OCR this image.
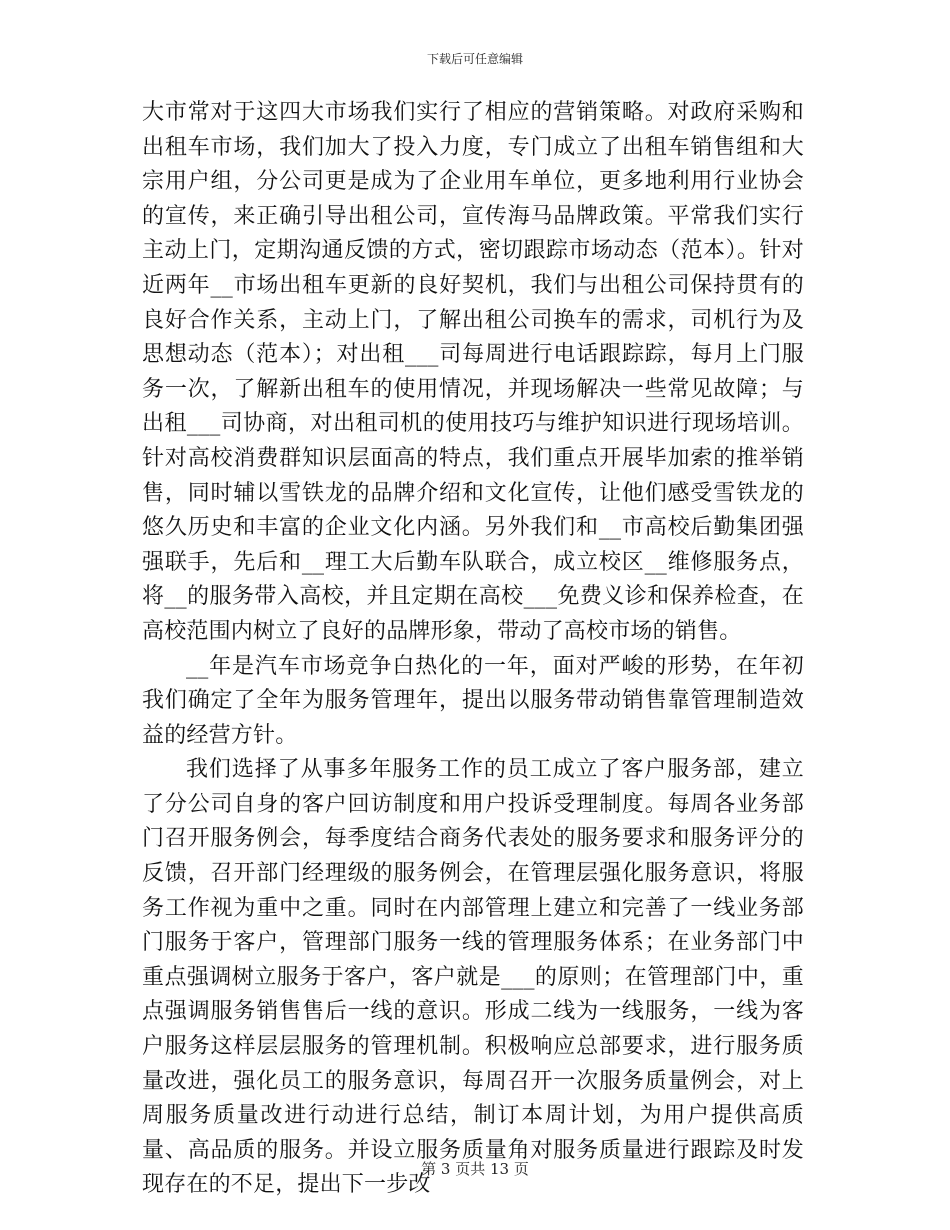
下载后可任意编辑

大市常对于这四大市场我们实行了相应的营销策略。对政府采购和出租车市场，我们加大了投入力度，专门成立了出租车销售组和大宗用户组，分公司更是成为了企业用车单位，更多地利用行业协会的宣传，来正确引导出租公司，宣传海马品牌政策。平常我们实行主动上门，定期沟通反馈的方式，密切跟踪市场动态（范本）。针对近两年__市场出租车更新的良好契机，我们与出租公司保持贯有的良好合作关系，主动上门，了解出租公司换车的需求，司机行为及思想动态（范本）；对出租___司每周进行电话跟踪踪，每月上门服务一次，了解新出租车的使用情况，并现场解决一些常见故障；与出租___司协商，对出租司机的使用技巧与维护知识进行现场培训。针对高校消费群知识层面高的特点，我们重点开展毕加索的推举销售，同时辅以雪铁龙的品牌介绍和文化宣传，让他们感受雪铁龙的悠久历史和丰富的企业文化内涵。另外我们和__市高校后勤集团强强联手，先后和__理工大后勤车队联合，成立校区__维修服务点，将__的服务带入高校，并且定期在高校___免费义诊和保养检查，在高校范围内树立了良好的品牌形象，带动了高校市场的销售。

__年是汽车市场竞争白热化的一年，面对严峻的形势，在年初我们确定了全年为服务管理年，提出以服务带动销售靠管理制造效益的经营方针。

我们选择了从事多年服务工作的员工成立了客户服务部，建立了分公司自身的客户回访制度和用户投诉受理制度。每周各业务部门召开服务例会，每季度结合商务代表处的服务要求和服务评分的反馈，召开部门经理级的服务例会，在管理层强化服务意识，将服务工作视为重中之重。同时在内部管理上建立和完善了一线业务部门服务于客户，管理部门服务一线的管理服务体系；在业务部门中重点强调树立服务于客户，客户就是___的原则；在管理部门中，重点强调服务销售售后一线的意识。形成二线为一线服务，一线为客户服务这样层层服务的管理机制。积极响应总部要求，进行服务质量改进，强化员工的服务意识，每周召开一次服务质量例会，对上周服务质量改进行动进行总结，制订本周计划，为用户提供高质量、高品质的服务。并设立服务质量角对服务质量进行跟踪及时发现存在的不足，提出下一步改

第 3 页共 13 页
